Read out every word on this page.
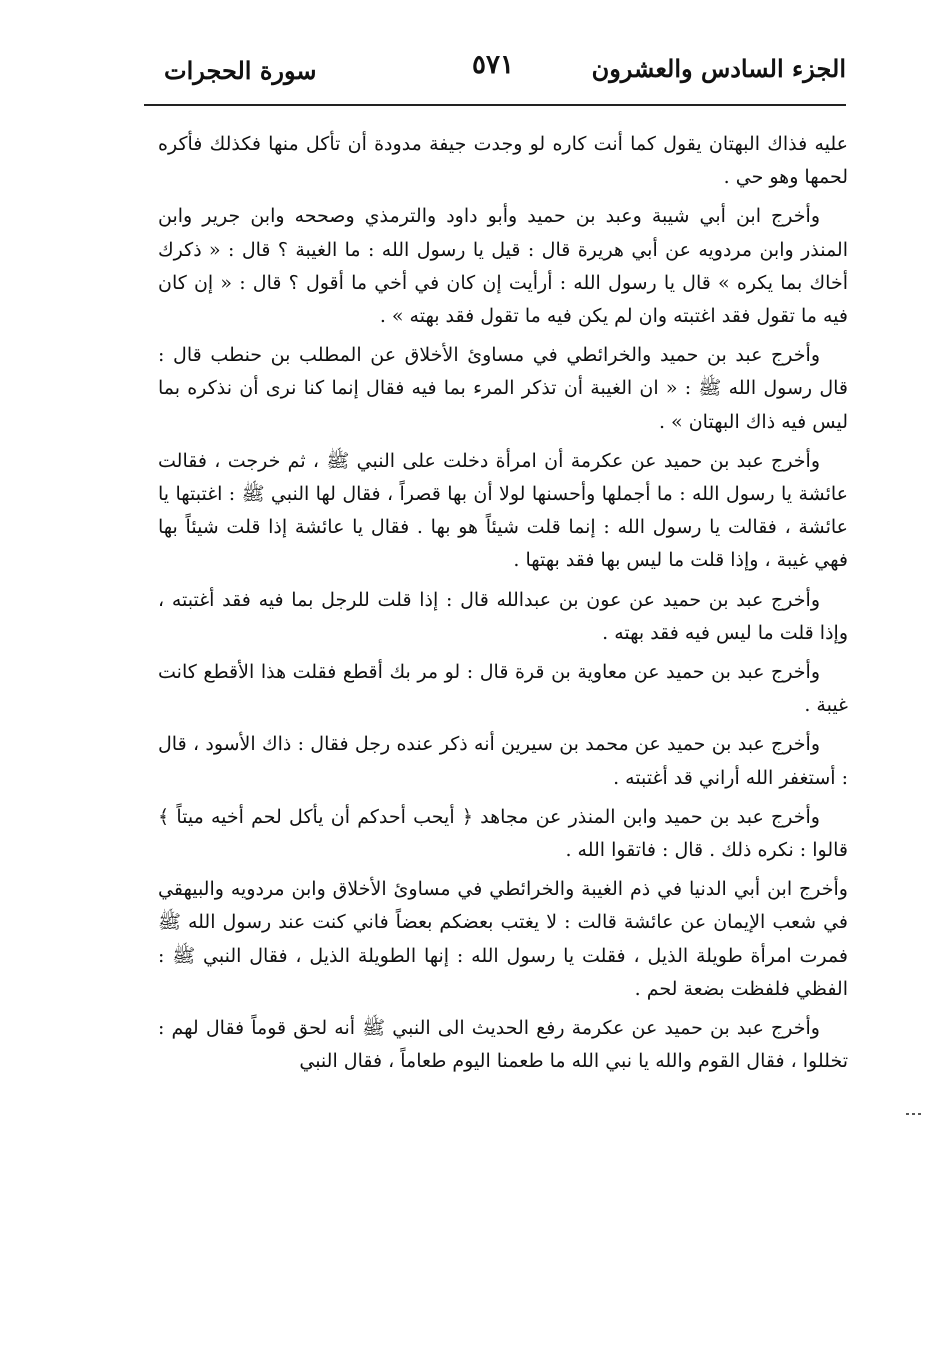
الجزء السادس والعشرون
٥٧١
سورة الحجرات

عليه فذاك البهتان يقول كما أنت كاره لو وجدت جيفة مدودة أن تأكل منها فكذلك فأكره لحمها وهو حي .

وأخرج ابن أبي شيبة وعبد بن حميد وأبو داود والترمذي وصححه وابن جرير وابن المنذر وابن مردويه عن أبي هريرة قال : قيل يا رسول الله : ما الغيبة ؟ قال : « ذكرك أخاك بما يكره » قال يا رسول الله : أرأيت إن كان في أخي ما أقول ؟ قال : « إن كان فيه ما تقول فقد اغتبته وان لم يكن فيه ما تقول فقد بهته » .

وأخرج عبد بن حميد والخرائطي في مساوئ الأخلاق عن المطلب بن حنطب قال : قال رسول الله ﷺ : « ان الغيبة أن تذكر المرء بما فيه فقال إنما كنا نرى أن نذكره بما ليس فيه ذاك البهتان » .

وأخرج عبد بن حميد عن عكرمة أن امرأة دخلت على النبي ﷺ ، ثم خرجت ، فقالت عائشة يا رسول الله : ما أجملها وأحسنها لولا أن بها قصراً ، فقال لها النبي ﷺ : اغتبتها يا عائشة ، فقالت يا رسول الله : إنما قلت شيئاً هو بها . فقال يا عائشة إذا قلت شيئاً بها فهي غيبة ، وإذا قلت ما ليس بها فقد بهتها .

وأخرج عبد بن حميد عن عون بن عبدالله قال : إذا قلت للرجل بما فيه فقد أغتبته ، وإذا قلت ما ليس فيه فقد بهته .

وأخرج عبد بن حميد عن معاوية بن قرة قال : لو مر بك أقطع فقلت هذا الأقطع كانت غيبة .

وأخرج عبد بن حميد عن محمد بن سيرين أنه ذكر عنده رجل فقال : ذاك الأسود ، قال : أستغفر الله أراني قد أغتبته .

وأخرج عبد بن حميد وابن المنذر عن مجاهد ﴿ أيحب أحدكم أن يأكل لحم أخيه ميتاً ﴾ قالوا : نكره ذلك . قال : فاتقوا الله .

وأخرج ابن أبي الدنيا في ذم الغيبة والخرائطي في مساوئ الأخلاق وابن مردويه والبيهقي في شعب الإيمان عن عائشة قالت : لا يغتب بعضكم بعضاً فاني كنت عند رسول الله ﷺ فمرت امرأة طويلة الذيل ، فقلت يا رسول الله : إنها الطويلة الذيل ، فقال النبي ﷺ : الفظي فلفظت بضعة لحم .

وأخرج عبد بن حميد عن عكرمة رفع الحديث الى النبي ﷺ أنه لحق قوماً فقال لهم : تخللوا ، فقال القوم والله يا نبي الله ما طعمنا اليوم طعاماً ، فقال النبي
